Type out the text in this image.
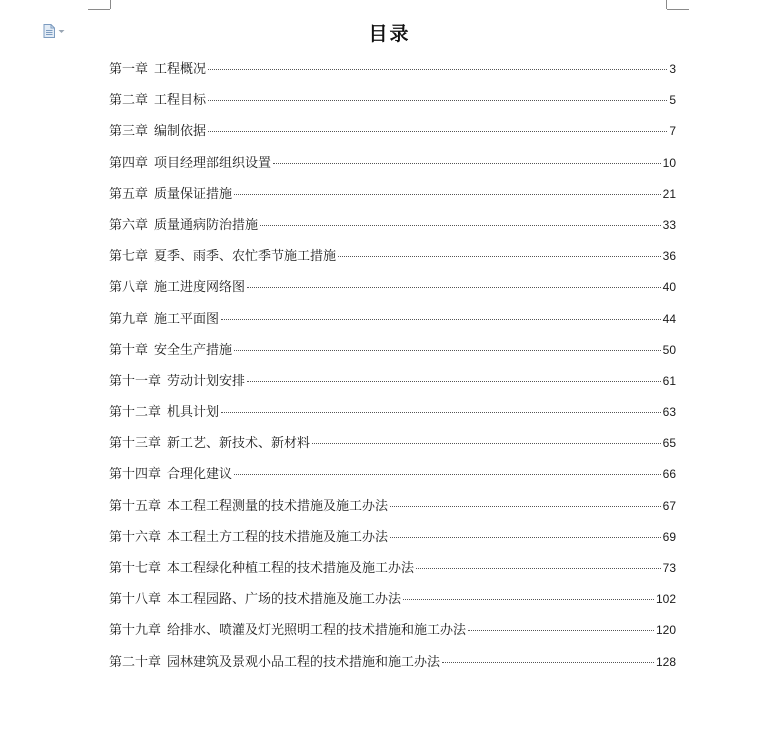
目录
第一章 工程概况	3
第二章 工程目标	5
第三章 编制依据	7
第四章 项目经理部组织设置	10
第五章 质量保证措施	21
第六章 质量通病防治措施	33
第七章 夏季、雨季、农忙季节施工措施	36
第八章 施工进度网络图	40
第九章 施工平面图	44
第十章 安全生产措施	50
第十一章 劳动计划安排	61
第十二章 机具计划	63
第十三章 新工艺、新技术、新材料	65
第十四章 合理化建议	66
第十五章 本工程工程测量的技术措施及施工办法	67
第十六章 本工程土方工程的技术措施及施工办法	69
第十七章 本工程绿化种植工程的技术措施及施工办法	73
第十八章 本工程园路、广场的技术措施及施工办法	102
第十九章 给排水、喷灌及灯光照明工程的技术措施和施工办法	120
第二十章 园林建筑及景观小品工程的技术措施和施工办法	128
